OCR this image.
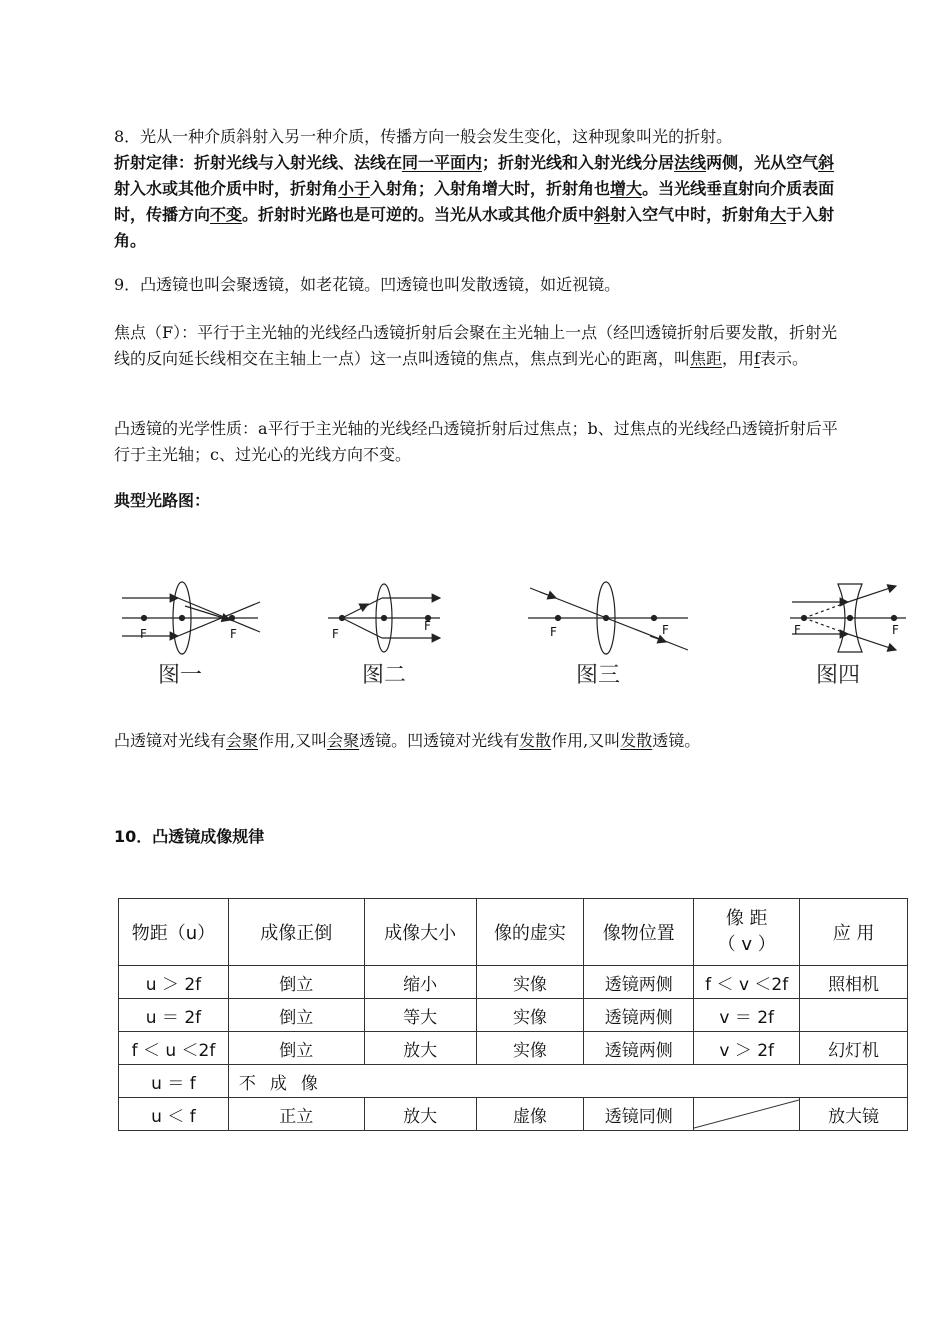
8．光从一种介质斜射入另一种介质，传播方向一般会发生变化，这种现象叫光的折射。

折射定律：折射光线与入射光线、法线在同一平面内；折射光线和入射光线分居法线两侧，光从空气斜射入水或其他介质中时，折射角小于入射角；入射角增大时，折射角也增大。当光线垂直射向介质表面时，传播方向不变。折射时光路也是可逆的。当光从水或其他介质中斜射入空气中时，折射角大于入射角。

9．凸透镜也叫会聚透镜，如老花镜。凹透镜也叫发散透镜，如近视镜。

焦点（F）：平行于主光轴的光线经凸透镜折射后会聚在主光轴上一点（经凹透镜折射后要发散，折射光线的反向延长线相交在主轴上一点）这一点叫透镜的焦点，焦点到光心的距离，叫焦距，用f表示。

凸透镜的光学性质：a平行于主光轴的光线经凸透镜折射后过焦点；b、过焦点的光线经凸透镜折射后平行于主光轴；c、过光心的光线方向不变。

典型光路图：

F	F
图一
F
F
图二
F	F
图三
F	F
图四

凸透镜对光线有会聚作用,又叫会聚透镜。凹透镜对光线有发散作用,又叫发散透镜。

10．凸透镜成像规律

物距（u）	成像正倒	成像大小	像的虚实	像物位置	像 距
（ v ）	应 用
u ＞ 2f	倒立	缩小	实像	透镜两侧	f ＜ v ＜2f	照相机
u ＝ 2f	倒立	等大	实像	透镜两侧	v ＝ 2f	
f ＜ u ＜2f	倒立	放大	实像	透镜两侧	v ＞ 2f	幻灯机
u ＝ f	不成像					
u ＜ f	正立	放大	虚像	透镜同侧		放大镜
